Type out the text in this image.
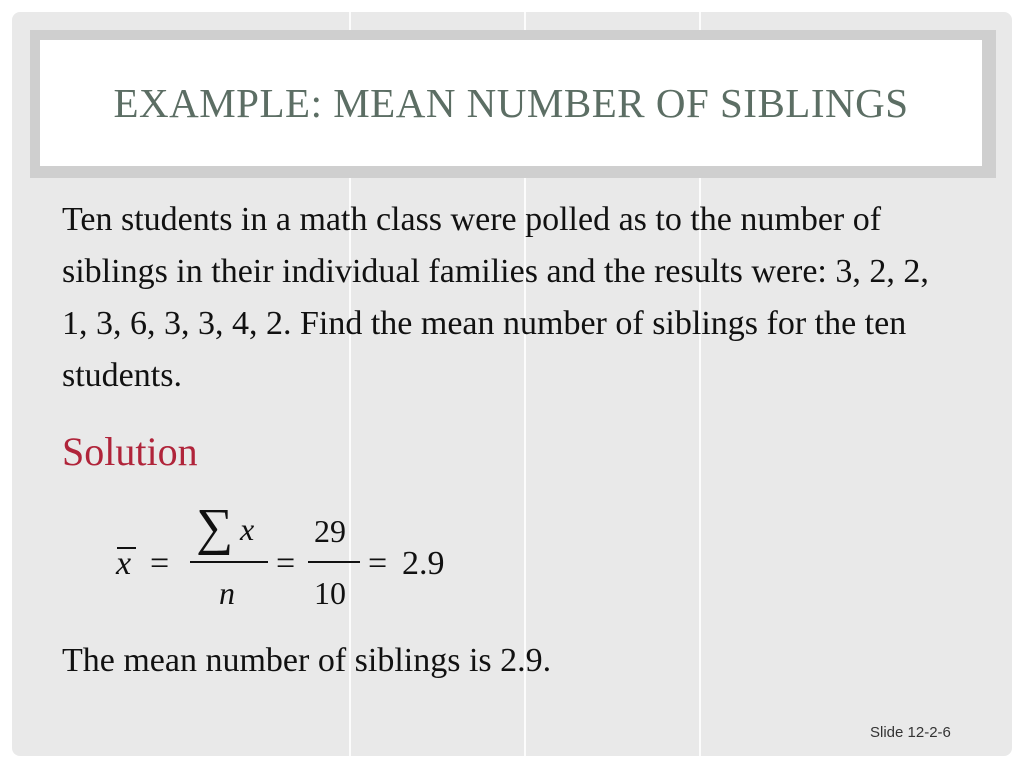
EXAMPLE: MEAN NUMBER OF SIBLINGS

Ten students in a math class were polled as to the number of siblings in their individual families and the results were: 3, 2, 2, 1, 3, 6, 3, 3, 4, 2. Find the mean number of siblings for the ten students.

Solution

x =
∑ x
n
=
29
10
= 2.9

The mean number of siblings is 2.9.

Slide 12-2-6
